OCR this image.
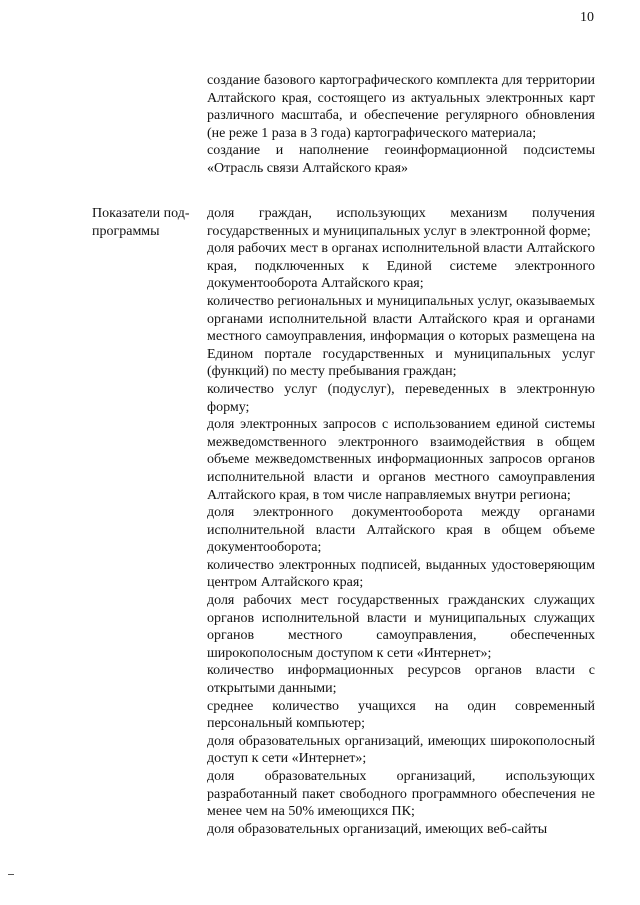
10

создание базового картографического комплекта для территории Алтайского края, состоящего из актуальных электронных карт различного масштаба, и обеспечение регулярного обновления (не реже 1 раза в 3 года) картографического материала;

создание и наполнение геоинформационной подсистемы «Отрасль связи Алтайского края»

Показатели под-
программы

доля граждан, использующих механизм получения государственных и муниципальных услуг в электронной форме;

доля рабочих мест в органах исполнительной власти Алтайского края, подключенных к Единой системе электронного документооборота Алтайского края;

количество региональных и муниципальных услуг, оказываемых органами исполнительной власти Алтайского края и органами местного самоуправления, информация о которых размещена на Едином портале государственных и муниципальных услуг (функций) по месту пребывания граждан;

количество услуг (подуслуг), переведенных в электронную форму;

доля электронных запросов с использованием единой системы межведомственного электронного взаимодействия в общем объеме межведомственных информационных запросов органов исполнительной власти и органов местного самоуправления Алтайского края, в том числе направляемых внутри региона;

доля электронного документооборота между органами исполнительной власти Алтайского края в общем объеме документооборота;

количество электронных подписей, выданных удостоверяющим центром Алтайского края;

доля рабочих мест государственных гражданских служащих органов исполнительной власти и муниципальных служащих органов местного самоуправления, обеспеченных широкополосным доступом к сети «Интернет»;

количество информационных ресурсов органов власти с открытыми данными;

среднее количество учащихся на один современный персональный компьютер;

доля образовательных организаций, имеющих широкополосный доступ к сети «Интернет»;

доля образовательных организаций, использующих разработанный пакет свободного программного обеспечения не менее чем на 50% имеющихся ПК;

доля образовательных организаций, имеющих веб-сайты
